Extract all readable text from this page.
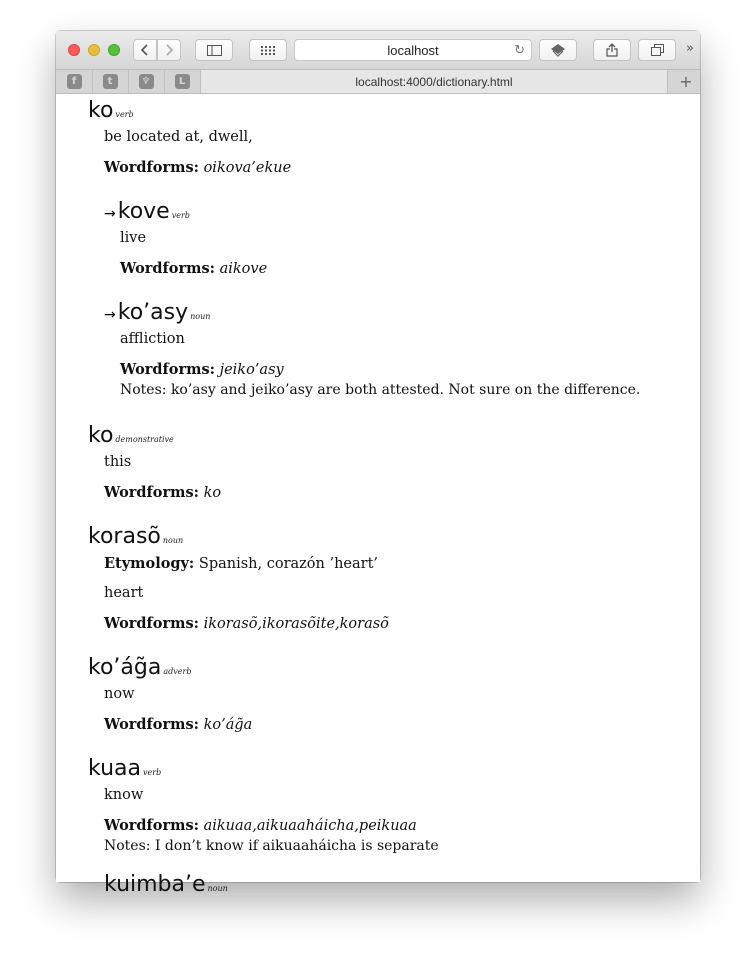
localhost	↻	»
f	t	♆	L	localhost:4000/dictionary.html	+
ko verb
be located at, dwell,
Wordforms: oikova’ekue
→kove verb
live
Wordforms: aikove
→ko’asy noun
affliction
Wordforms: jeiko’asy
Notes: ko’asy and jeiko’asy are both attested. Not sure on the difference.
ko demonstrative
this
Wordforms: ko
korasõ noun
Etymology: Spanish, corazón ’heart’
heart
Wordforms: ikorasõ,ikorasõite,korasõ
ko’ág̃a adverb
now
Wordforms: ko’ág̃a
kuaa verb
know
Wordforms: aikuaa,aikuaaháicha,peikuaa
Notes: I don’t know if aikuaaháicha is separate
kuimba’e noun
